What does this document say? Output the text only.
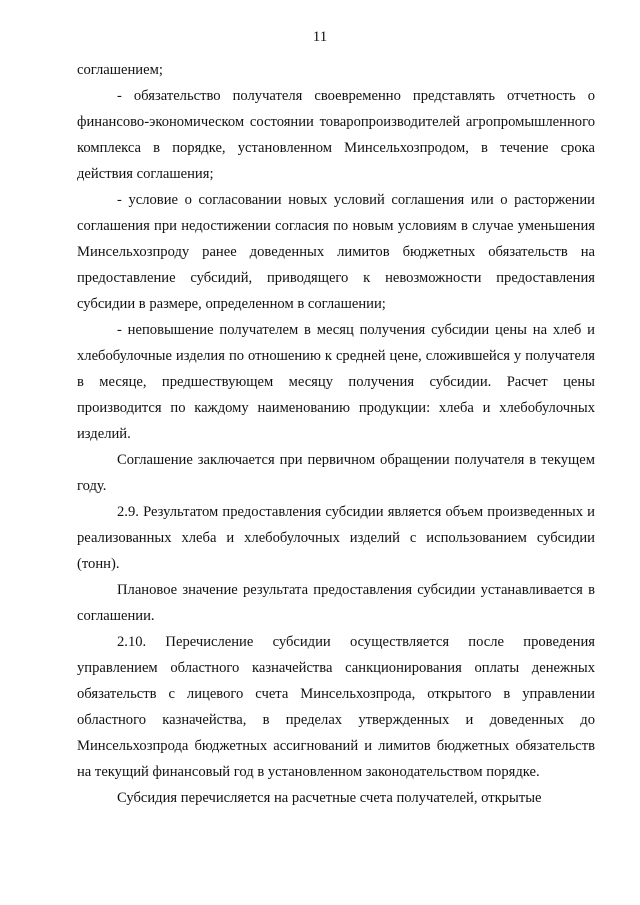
11

соглашением;

- обязательство получателя своевременно представлять отчетность о финансово-экономическом состоянии товаропроизводителей агропромышленного комплекса в порядке, установленном Минсельхозпродом, в течение срока действия соглашения;

- условие о согласовании новых условий соглашения или о расторжении соглашения при недостижении согласия по новым условиям в случае уменьшения Минсельхозпроду ранее доведенных лимитов бюджетных обязательств на предоставление субсидий, приводящего к невозможности предоставления субсидии в размере, определенном в соглашении;

- неповышение получателем в месяц получения субсидии цены на хлеб и хлебобулочные изделия по отношению к средней цене, сложившейся у получателя в месяце, предшествующем месяцу получения субсидии. Расчет цены производится по каждому наименованию продукции: хлеба и хлебобулочных изделий.

Соглашение заключается при первичном обращении получателя в текущем году.

2.9. Результатом предоставления субсидии является объем произведенных и реализованных хлеба и хлебобулочных изделий с использованием субсидии (тонн).

Плановое значение результата предоставления субсидии устанавливается в соглашении.

2.10. Перечисление субсидии осуществляется после проведения управлением областного казначейства санкционирования оплаты денежных обязательств с лицевого счета Минсельхозпрода, открытого в управлении областного казначейства, в пределах утвержденных и доведенных до Минсельхозпрода бюджетных ассигнований и лимитов бюджетных обязательств на текущий финансовый год в установленном законодательством порядке.

Субсидия перечисляется на расчетные счета получателей, открытые
